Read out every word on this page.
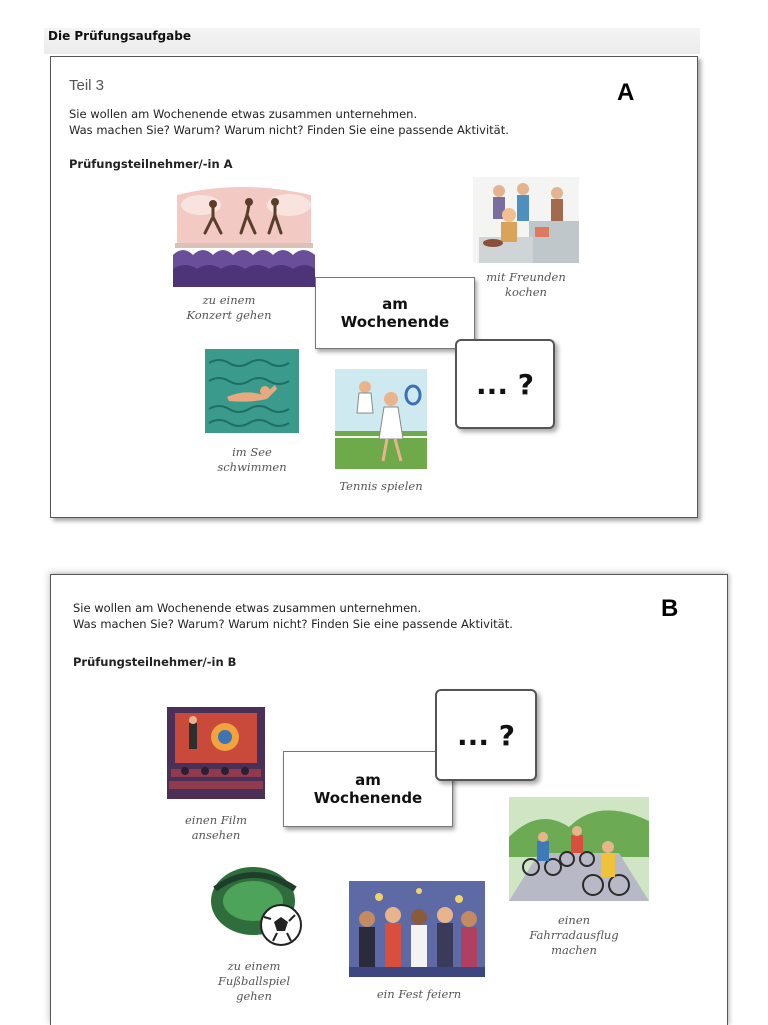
Die Prüfungsaufgabe
Teil 3	A
Sie wollen am Wochenende etwas zusammen unternehmen.
Was machen Sie? Warum? Warum nicht? Finden Sie eine passende Aktivität.
Prüfungsteilnehmer/-in A
zu einem
Konzert gehen
mit Freunden
kochen
am
Wochenende
... ?
im See
schwimmen
Tennis spielen
B
Sie wollen am Wochenende etwas zusammen unternehmen.
Was machen Sie? Warum? Warum nicht? Finden Sie eine passende Aktivität.
Prüfungsteilnehmer/-in B
einen Film
ansehen
am
Wochenende
... ?
einen
Fahrradausflug
machen
zu einem
Fußballspiel
gehen	ein Fest feiern
